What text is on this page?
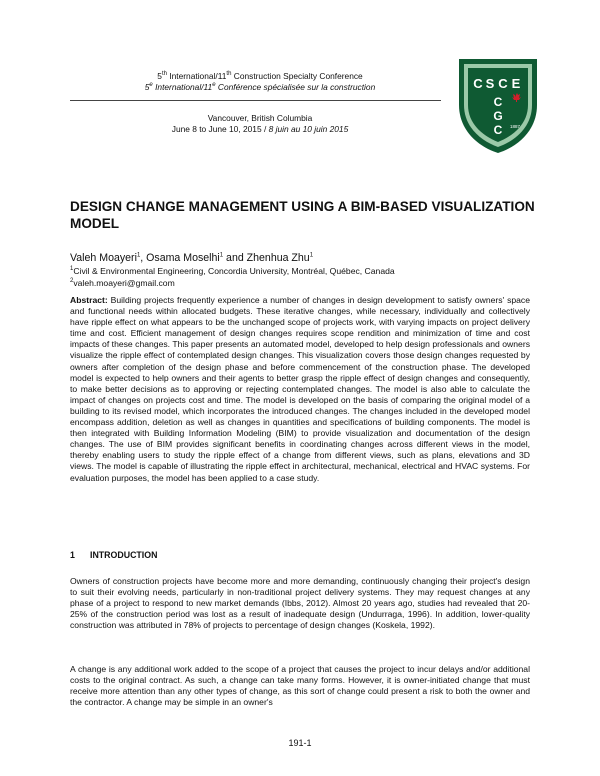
5th International/11th Construction Specialty Conference
5e International/11e Conférence spécialisée sur la construction
Vancouver, British Columbia
June 8 to June 10, 2015 / 8 juin au 10 juin 2015
C S C E
C
G
C 1887
DESIGN CHANGE MANAGEMENT USING A BIM-BASED VISUALIZATION MODEL
Valeh Moayeri$^1$, Osama Moselhi$^1$ and Zhenhua Zhu$^1$
$^1$Civil & Environmental Engineering, Concordia University, Montréal, Québec, Canada
$^2$valeh.moayeri@gmail.com
Abstract: Building projects frequently experience a number of changes in design development to satisfy owners' space and functional needs within allocated budgets. These iterative changes, while necessary, individually and collectively have ripple effect on what appears to be the unchanged scope of projects work, with varying impacts on project delivery time and cost. Efficient management of design changes requires scope rendition and minimization of time and cost impacts of these changes. This paper presents an automated model, developed to help design professionals and owners visualize the ripple effect of contemplated design changes. This visualization covers those design changes requested by owners after completion of the design phase and before commencement of the construction phase. The developed model is expected to help owners and their agents to better grasp the ripple effect of design changes and consequently, to make better decisions as to approving or rejecting contemplated changes. The model is also able to calculate the impact of changes on projects cost and time. The model is developed on the basis of comparing the original model of a building to its revised model, which incorporates the introduced changes. The changes included in the developed model encompass addition, deletion as well as changes in quantities and specifications of building components. The model is then integrated with Building Information Modeling (BIM) to provide visualization and documentation of the design changes. The use of BIM provides significant benefits in coordinating changes across different views in the model, thereby enabling users to study the ripple effect of a change from different views, such as plans, elevations and 3D views. The model is capable of illustrating the ripple effect in architectural, mechanical, electrical and HVAC systems. For evaluation purposes, the model has been applied to a case study.
1 INTRODUCTION
Owners of construction projects have become more and more demanding, continuously changing their project's design to suit their evolving needs, particularly in non-traditional project delivery systems. They may request changes at any phase of a project to respond to new market demands (Ibbs, 2012). Almost 20 years ago, studies had revealed that 20-25% of the construction period was lost as a result of inadequate design (Undurraga, 1996). In addition, lower-quality construction was attributed in 78% of projects to percentage of design changes (Koskela, 1992).
A change is any additional work added to the scope of a project that causes the project to incur delays and/or additional costs to the original contract. As such, a change can take many forms. However, it is owner-initiated change that must receive more attention than any other types of change, as this sort of change could present a risk to both the owner and the contractor. A change may be simple in an owner's
191-1
